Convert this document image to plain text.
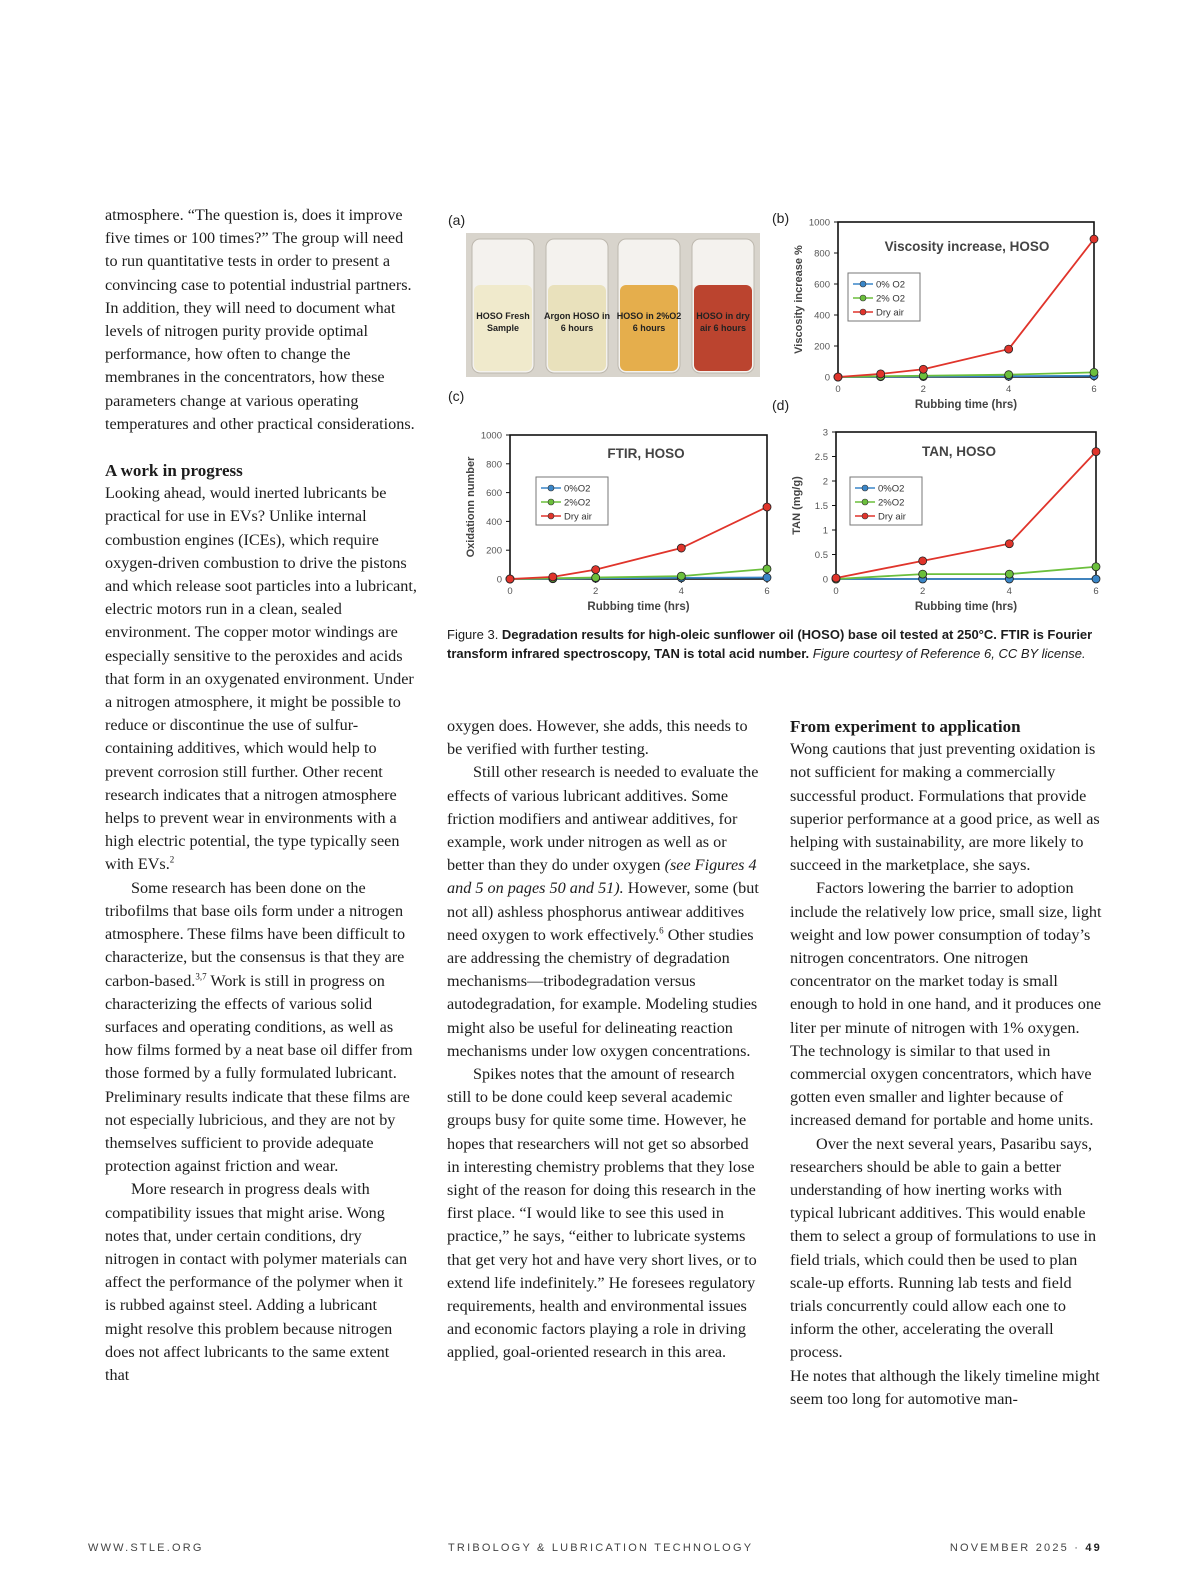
atmosphere. “The question is, does it improve five times or 100 times?” The group will need to run quantitative tests in order to present a convincing case to potential industrial partners. In addition, they will need to document what levels of nitrogen purity provide optimal performance, how often to change the membranes in the concentrators, how these parameters change at various operating temperatures and other practical considerations.

A work in progress

Looking ahead, would inerted lubricants be practical for use in EVs? Unlike internal combustion engines (ICEs), which require oxygen-driven combustion to drive the pistons and which release soot particles into a lubricant, electric motors run in a clean, sealed environment. The copper motor windings are especially sensitive to the peroxides and acids that form in an oxygenated environment. Under a nitrogen atmosphere, it might be possible to reduce or discontinue the use of sulfur-containing additives, which would help to prevent corrosion still further. Other recent research indicates that a nitrogen atmosphere helps to prevent wear in environments with a high electric potential, the type typically seen with EVs.$^2$

Some research has been done on the tribofilms that base oils form under a nitrogen atmosphere. These films have been difficult to characterize, but the consensus is that they are carbon-based.$^{3,7}$ Work is still in progress on characterizing the effects of various solid surfaces and operating conditions, as well as how films formed by a neat base oil differ from those formed by a fully formulated lubricant. Preliminary results indicate that these films are not especially lubricious, and they are not by themselves sufficient to provide adequate protection against friction and wear.

More research in progress deals with compatibility issues that might arise. Wong notes that, under certain conditions, dry nitrogen in contact with polymer materials can affect the performance of the polymer when it is rubbed against steel. Adding a lubricant might resolve this problem because nitrogen does not affect lubricants to the same extent that

(a)	(b)
(c)
(d)
HOSO Fresh
Sample
Argon HOSO in
6 hours
HOSO in 2%O2
6 hours
HOSO in dry
air 6 hours
0
200
400
600
800
1000
0	2	4	6
Rubbing time (hrs)
Viscosity increase %	Viscosity increase, HOSO
0% O2
2% O2
Dry air
0
200
400
600
800
1000
0	2	4	6
Rubbing time (hrs)
Oxidationn number
FTIR, HOSO
0%O2
2%O2
Dry air
0
0.5
1
1.5
2
2.5
3
0	2	4	6
Rubbing time (hrs)
TAN (mg/g)
TAN, HOSO
0%O2
2%O2
Dry air
Figure 3. Degradation results for high-oleic sunflower oil (HOSO) base oil tested at 250°C. FTIR is Fourier transform infrared spectroscopy, TAN is total acid number. Figure courtesy of Reference 6, CC BY license.

oxygen does. However, she adds, this needs to be verified with further testing.

Still other research is needed to evaluate the effects of various lubricant additives. Some friction modifiers and antiwear additives, for example, work under nitrogen as well as or better than they do under oxygen (see Figures 4 and 5 on pages 50 and 51). However, some (but not all) ashless phosphorus antiwear additives need oxygen to work effectively.$^6$ Other studies are addressing the chemistry of degradation mechanisms—tribodegradation versus autodegradation, for example. Modeling studies might also be useful for delineating reaction mechanisms under low oxygen concentrations.

Spikes notes that the amount of research still to be done could keep several academic groups busy for quite some time. However, he hopes that researchers will not get so absorbed in interesting chemistry problems that they lose sight of the reason for doing this research in the first place. “I would like to see this used in practice,” he says, “either to lubricate systems that get very hot and have very short lives, or to extend life indefinitely.” He foresees regulatory requirements, health and environmental issues and economic factors playing a role in driving applied, goal-oriented research in this area.

From experiment to application

Wong cautions that just preventing oxidation is not sufficient for making a commercially successful product. Formulations that provide superior performance at a good price, as well as helping with sustainability, are more likely to succeed in the marketplace, she says.

Factors lowering the barrier to adoption include the relatively low price, small size, light weight and low power consumption of today’s nitrogen concentrators. One nitrogen concentrator on the market today is small enough to hold in one hand, and it produces one liter per minute of nitrogen with 1% oxygen. The technology is similar to that used in commercial oxygen concentrators, which have gotten even smaller and lighter because of increased demand for portable and home units.

Over the next several years, Pasaribu says, researchers should be able to gain a better understanding of how inerting works with typical lubricant additives. This would enable them to select a group of formulations to use in field trials, which could then be used to plan scale-up efforts. Running lab tests and field trials concurrently could allow each one to inform the other, accelerating the overall process.

He notes that although the likely timeline might seem too long for automotive man-

WWW.STLE.ORG	TRIBOLOGY & LUBRICATION TECHNOLOGY	NOVEMBER 2025 · 49
